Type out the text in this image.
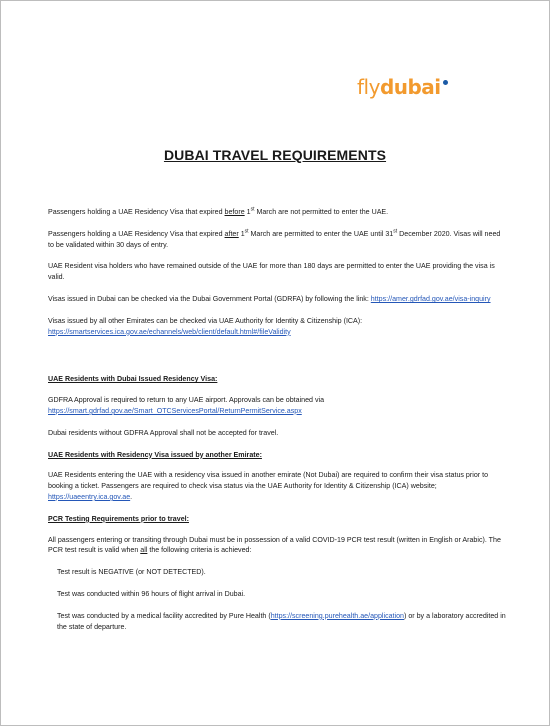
fly dubai
DUBAI TRAVEL REQUIREMENTS

Passengers holding a UAE Residency Visa that expired before 1st March are not permitted to enter the UAE.

Passengers holding a UAE Residency Visa that expired after 1st March are permitted to enter the UAE until 31st December 2020. Visas will need to be validated within 30 days of entry.

UAE Resident visa holders who have remained outside of the UAE for more than 180 days are permitted to enter the UAE providing the visa is valid.

Visas issued in Dubai can be checked via the Dubai Government Portal (GDRFA) by following the link: https://amer.gdrfad.gov.ae/visa-inquiry

Visas issued by all other Emirates can be checked via UAE Authority for Identity & Citizenship (ICA):
https://smartservices.ica.gov.ae/echannels/web/client/default.html#/fileValidity

UAE Residents with Dubai Issued Residency Visa:

GDFRA Approval is required to return to any UAE airport. Approvals can be obtained via
https://smart.gdrfad.gov.ae/Smart_OTCServicesPortal/ReturnPermitService.aspx

Dubai residents without GDFRA Approval shall not be accepted for travel.

UAE Residents with Residency Visa issued by another Emirate:

UAE Residents entering the UAE with a residency visa issued in another emirate (Not Dubai) are required to confirm their visa status prior to booking a ticket. Passengers are required to check visa status via the UAE Authority for Identity & Citizenship (ICA) website;
https://uaeentry.ica.gov.ae.

PCR Testing Requirements prior to travel:

All passengers entering or transiting through Dubai must be in possession of a valid COVID-19 PCR test result (written in English or Arabic). The PCR test result is valid when all the following criteria is achieved:

Test result is NEGATIVE (or NOT DETECTED).

Test was conducted within 96 hours of flight arrival in Dubai.

Test was conducted by a medical facility accredited by Pure Health (https://screening.purehealth.ae/application) or by a laboratory accredited in the state of departure.
